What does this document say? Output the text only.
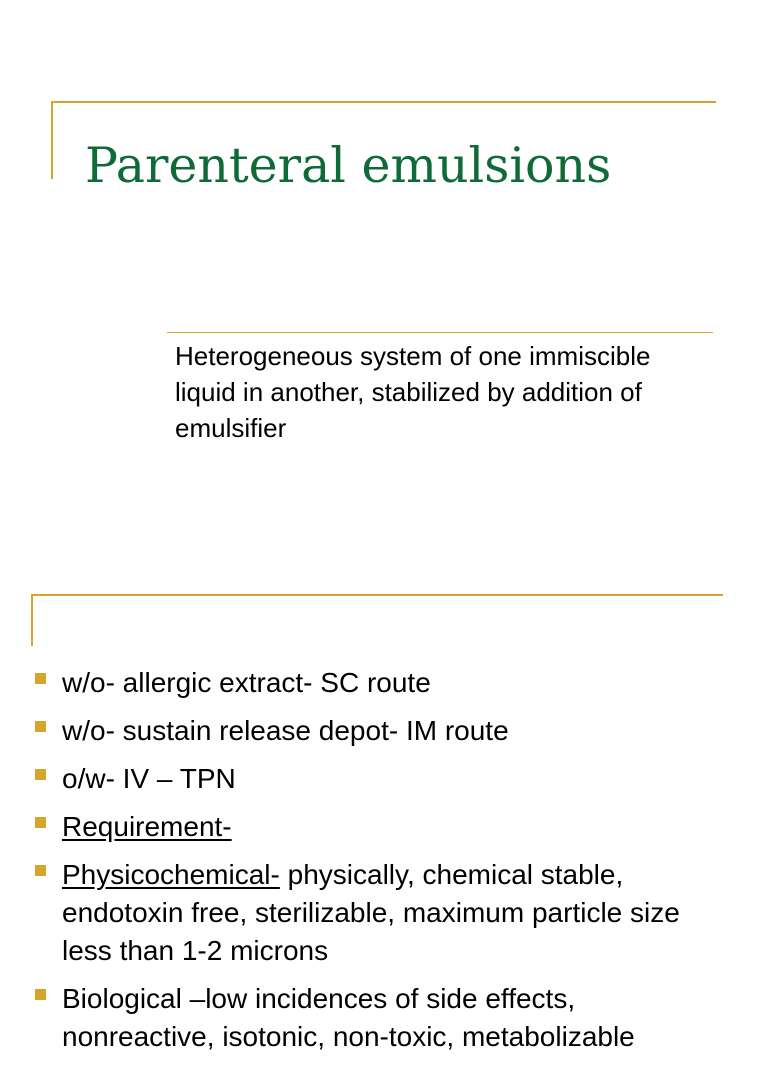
Parenteral emulsions

Heterogeneous system of one immiscible liquid in another, stabilized by addition of emulsifier

w/o- allergic extract- SC route
w/o- sustain release depot- IM route
o/w- IV – TPN
Requirement-
Physicochemical- physically, chemical stable, endotoxin free, sterilizable, maximum particle size less than 1-2 microns
Biological –low incidences of side effects, nonreactive, isotonic, non-toxic, metabolizable
